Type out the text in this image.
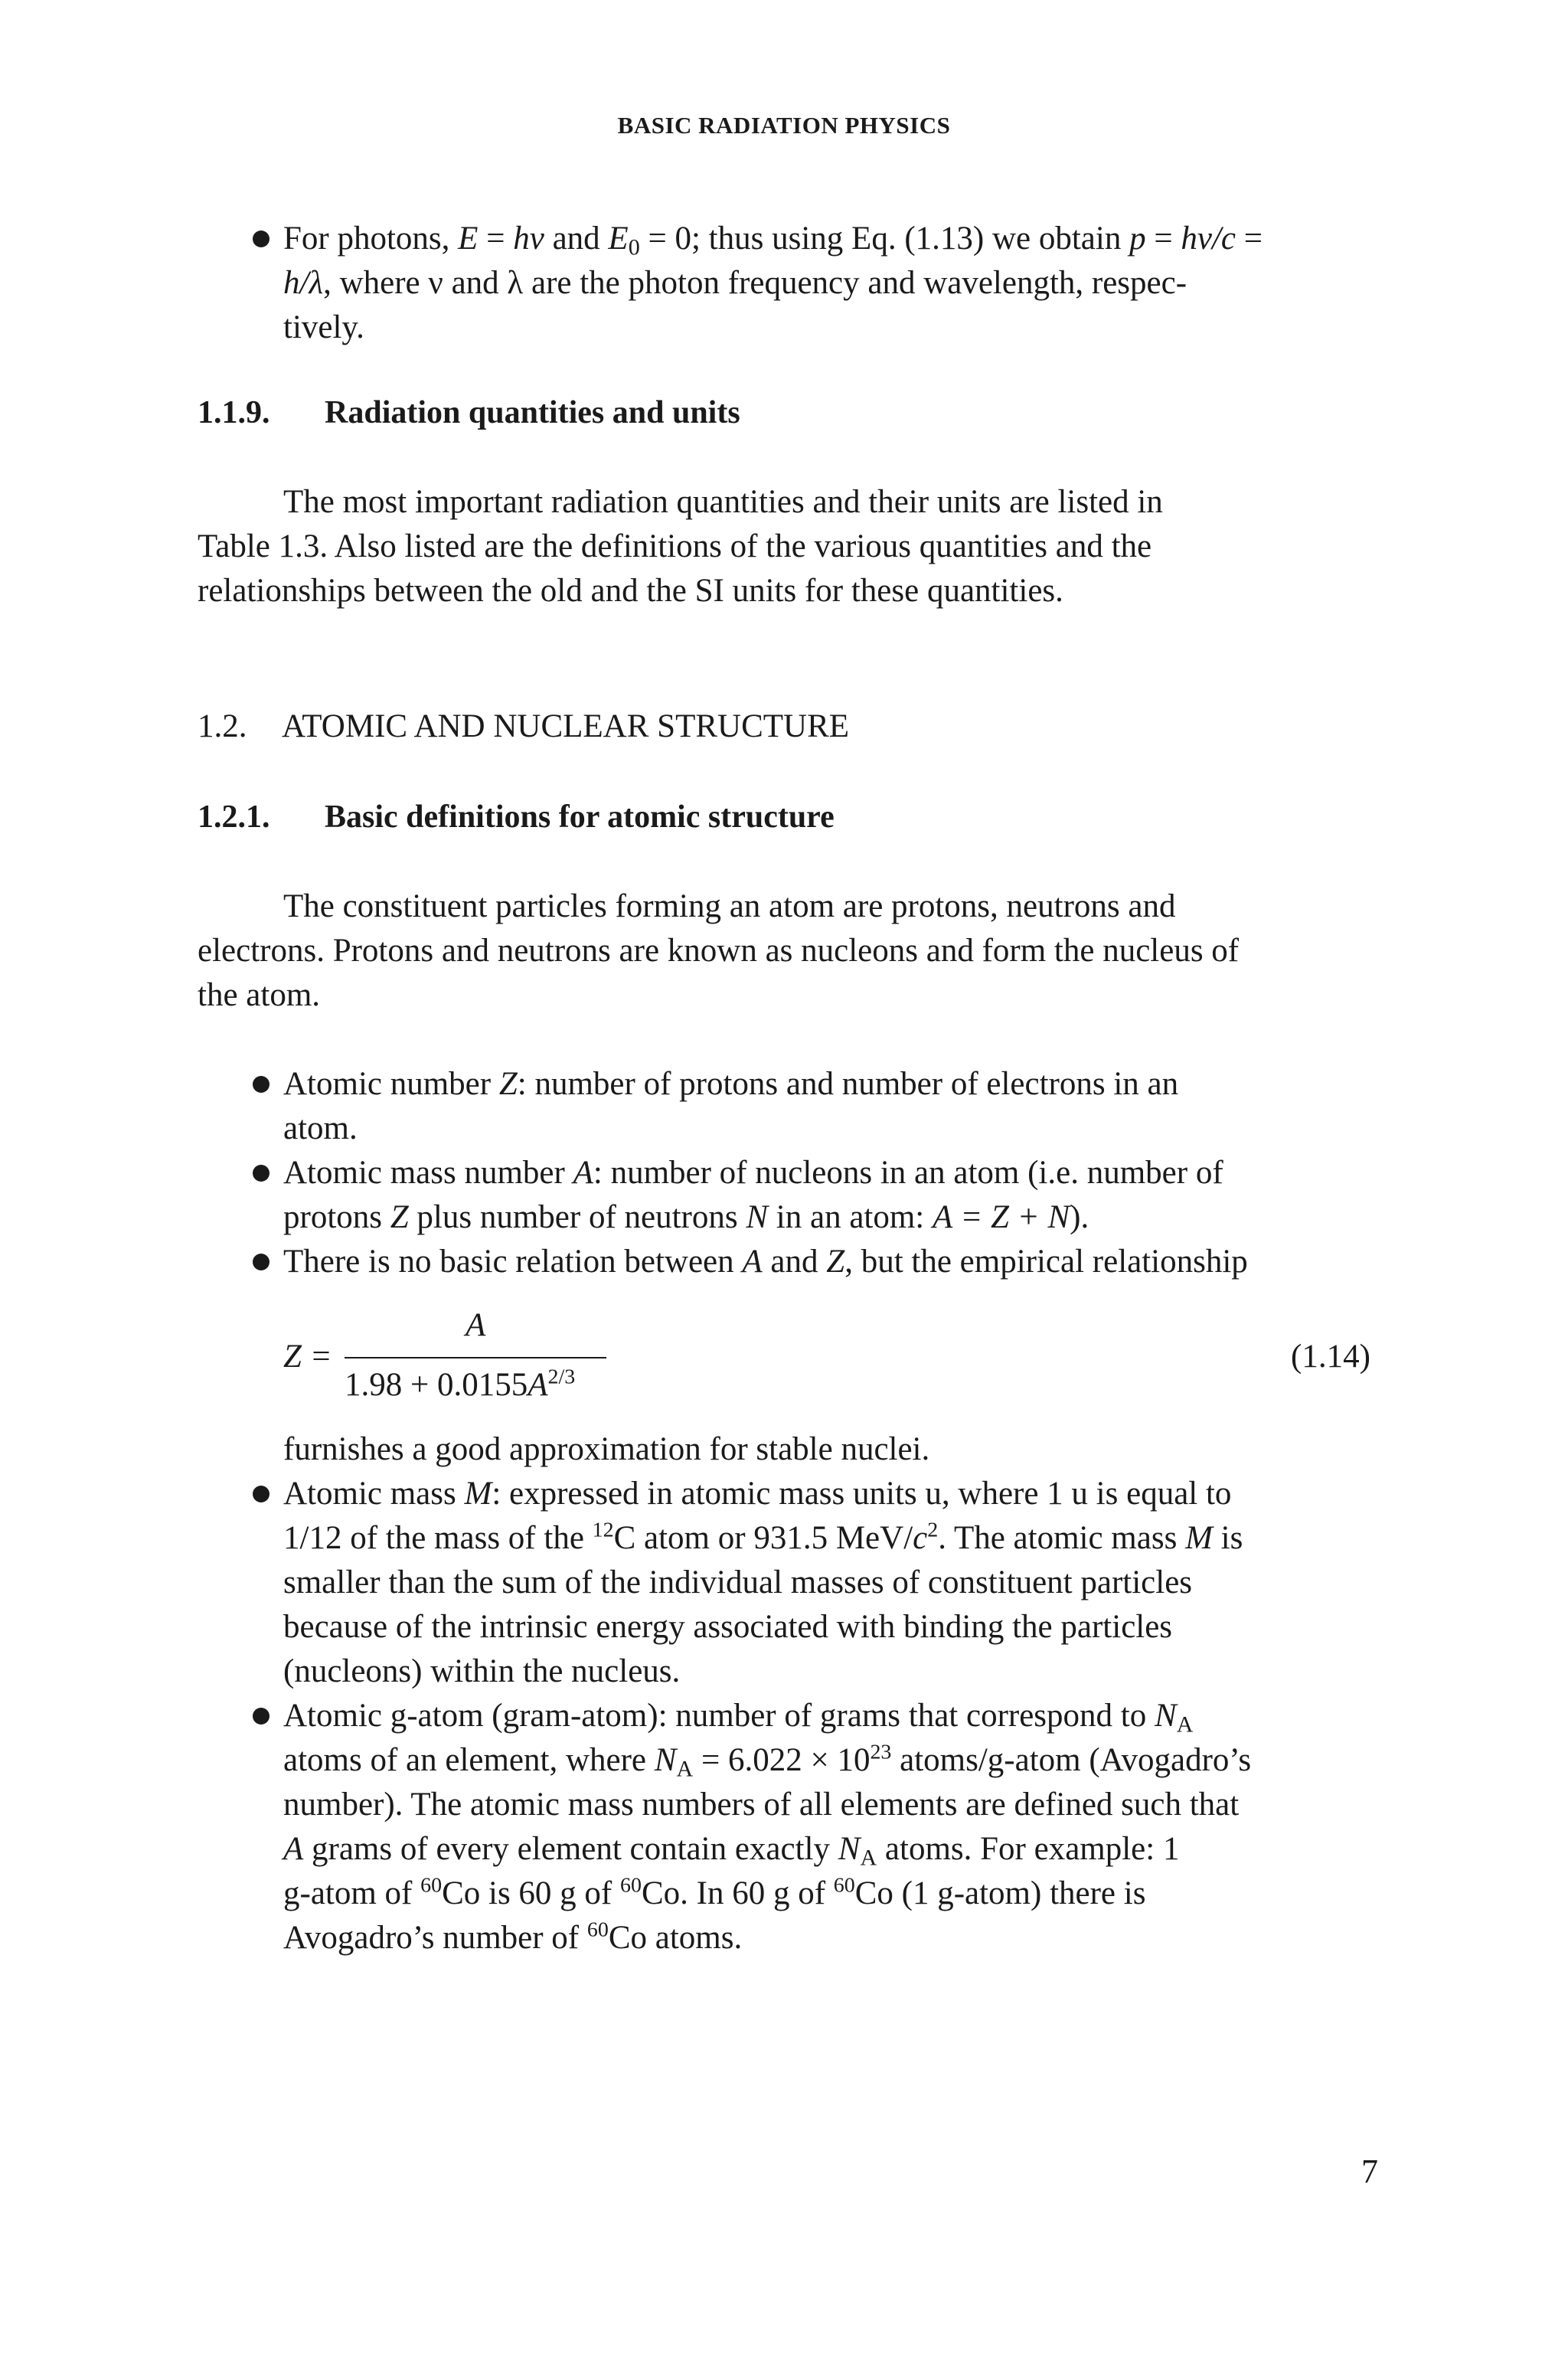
BASIC RADIATION PHYSICS
For photons, E = hν and $E_0 = 0$; thus using Eq. (1.13) we obtain p = hν/c =
h/λ, where ν and λ are the photon frequency and wavelength, respec-
tively.
1.1.9. Radiation quantities and units
The most important radiation quantities and their units are listed in
Table 1.3. Also listed are the definitions of the various quantities and the
relationships between the old and the SI units for these quantities.
1.2. ATOMIC AND NUCLEAR STRUCTURE
1.2.1. Basic definitions for atomic structure
The constituent particles forming an atom are protons, neutrons and
electrons. Protons and neutrons are known as nucleons and form the nucleus of
the atom.
Atomic number Z: number of protons and number of electrons in an
atom.
Atomic mass number A: number of nucleons in an atom (i.e. number of
protons Z plus number of neutrons N in an atom: A = Z + N).
There is no basic relation between A and Z, but the empirical relationship
Z =
A
$1.98 + 0.0155A^{2/3}$
(1.14)
furnishes a good approximation for stable nuclei.
Atomic mass M: expressed in atomic mass units u, where 1 u is equal to
1/12 of the mass of the $^{12}$C atom or 931.5 MeV/$c^2$. The atomic mass M is
smaller than the sum of the individual masses of constituent particles
because of the intrinsic energy associated with binding the particles
(nucleons) within the nucleus.
Atomic g-atom (gram-atom): number of grams that correspond to $N_A$
atoms of an element, where $N_A = 6.022 \times 10^{23}$ atoms/g-atom (Avogadro’s
number). The atomic mass numbers of all elements are defined such that
A grams of every element contain exactly $N_A$ atoms. For example: 1
g-atom of $^{60}$Co is 60 g of $^{60}$Co. In 60 g of $^{60}$Co (1 g-atom) there is
Avogadro’s number of $^{60}$Co atoms.
7
